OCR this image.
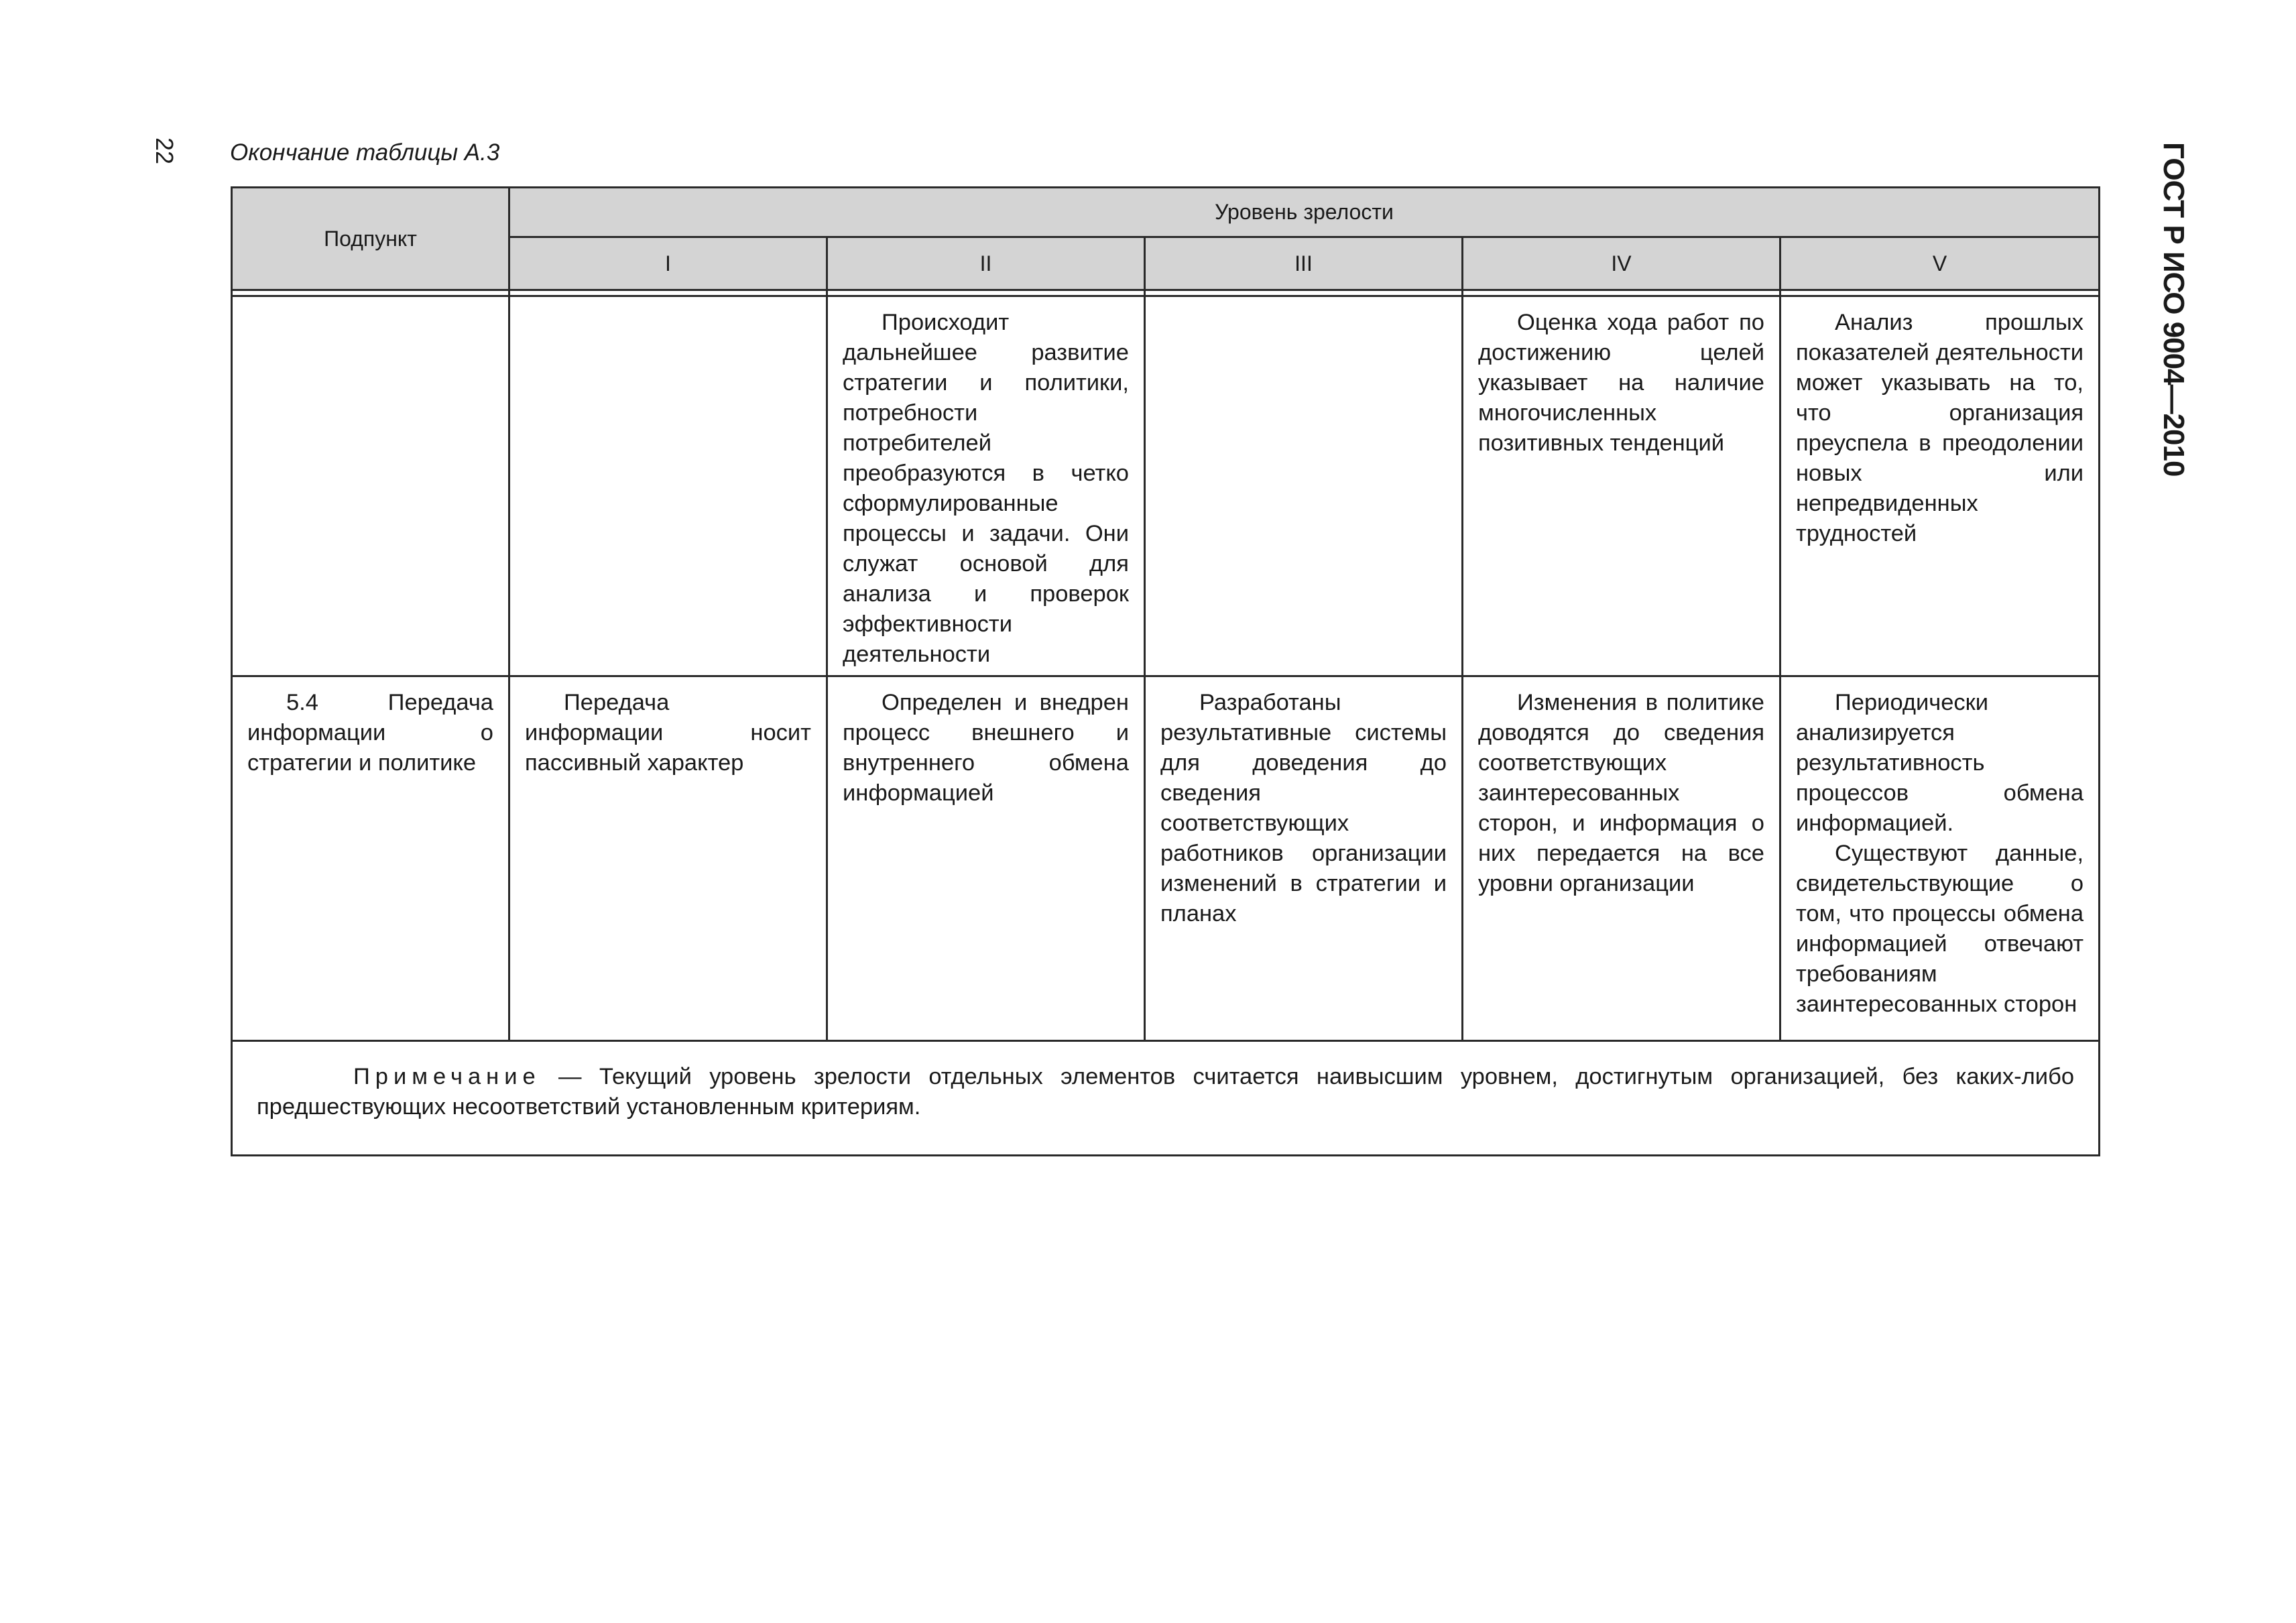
22 Окончание таблицы А.3	ГОСТ Р ИСО 9004—2010
Подпункт	Уровень зрелости				
	I	II	III	IV	V

		Происходит дальнейшее развитие стратегии и политики, потребности потребителей преобразуются в четко сформулированные процессы и задачи. Они служат основой для анализа и проверок эффективности деятельности		Оценка хода работ по достижению целей указывает на наличие многочисленных позитивных тенденций	Анализ прошлых показателей деятельности может указывать на то, что организация преуспела в преодолении новых или непредвиденных трудностей

5.4 Передача информации о стратегии и политике	Передача информации носит пассивный характер	Определен и внедрен процесс внешнего и внутреннего обмена информацией	Разработаны результативные системы для доведения до сведения соответствующих работников организации изменений в стратегии и планах	Изменения в политике доводятся до сведения соответствующих заинтересованных сторон, и информация о них передается на все уровни организации	Периодически анализируется результативность процессов обмена информацией.

Существуют данные, свидетельствующие о том, что процессы обмена информацией отвечают требованиям заинтересованных сторон

Примечание — Текущий уровень зрелости отдельных элементов считается наивысшим уровнем, достигнутым организацией, без каких-либо предшествующих несоответствий установленным критериям.					
